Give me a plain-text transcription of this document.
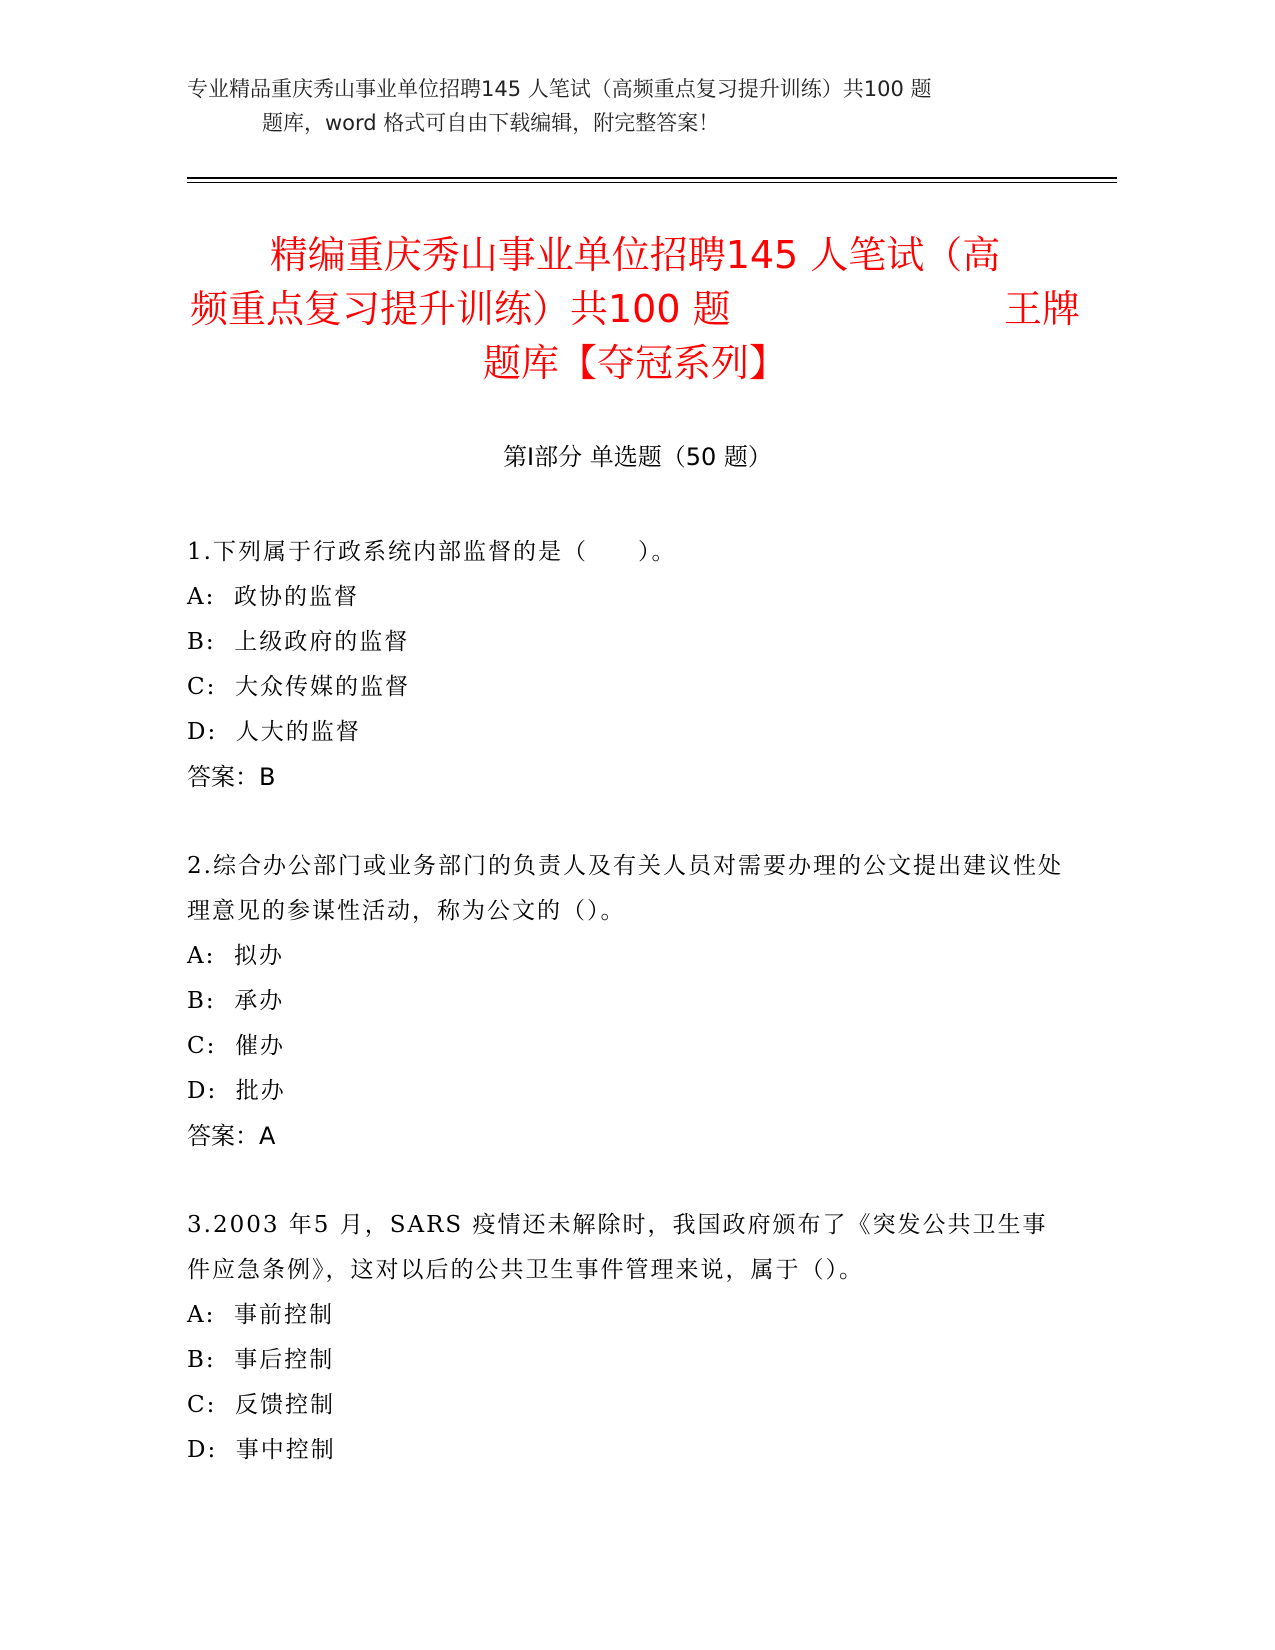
专业精品重庆秀山事业单位招聘145 人笔试（高频重点复习提升训练）共100 题
题库，word 格式可自由下载编辑，附完整答案！
精编重庆秀山事业单位招聘145 人笔试（高
频重点复习提升训练）共100 题	王牌
题库【夺冠系列】
第Ⅰ部分 单选题（50 题）

1.下列属于行政系统内部监督的是（　　）。

A:  政协的监督

B:  上级政府的监督

C:  大众传媒的监督

D:  人大的监督

答案：B

2.综合办公部门或业务部门的负责人及有关人员对需要办理的公文提出建议性处理意见的参谋性活动，称为公文的（）。

A:  拟办

B:  承办

C:  催办

D:  批办

答案：A

3.2003 年5 月，SARS 疫情还未解除时，我国政府颁布了《突发公共卫生事件应急条例》，这对以后的公共卫生事件管理来说，属于（）。

A:  事前控制

B:  事后控制

C:  反馈控制

D:  事中控制
